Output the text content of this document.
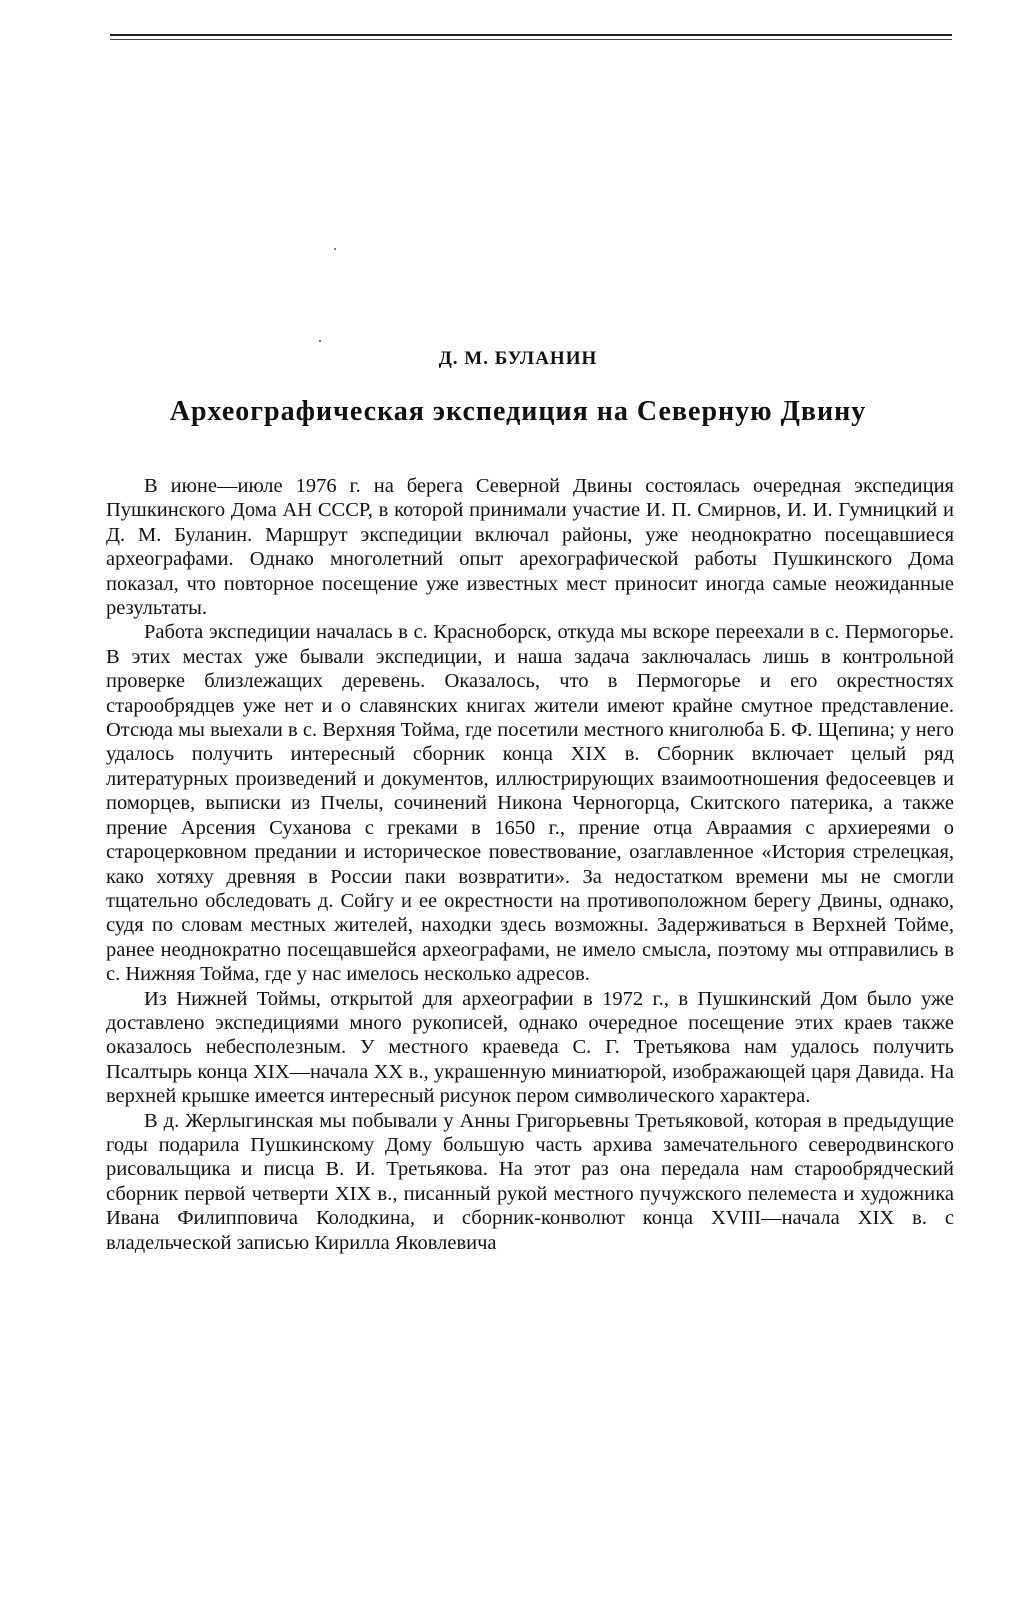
Д. М. БУЛАНИН
Археографическая экспедиция на Северную Двину

В июне—июле 1976 г. на берега Северной Двины состоялась очередная экспедиция Пушкинского Дома АН СССР, в которой принимали участие И. П. Смирнов, И. И. Гумницкий и Д. М. Буланин. Маршрут экспедиции включал районы, уже неоднократно посещавшиеся археографами. Однако многолетний опыт арехографической работы Пушкинского Дома показал, что повторное посещение уже известных мест приносит иногда самые неожиданные результаты.

Работа экспедиции началась в с. Красноборск, откуда мы вскоре переехали в с. Пермогорье. В этих местах уже бывали экспедиции, и наша задача заключалась лишь в контрольной проверке близлежащих деревень. Оказалось, что в Пермогорье и его окрестностях старообрядцев уже нет и о славянских книгах жители имеют крайне смутное представление. Отсюда мы выехали в с. Верхняя Тойма, где посетили местного книголюба Б. Ф. Щепина; у него удалось получить интересный сборник конца XIX в. Сборник включает целый ряд литературных произведений и документов, иллюстрирующих взаимоотношения федосеевцев и поморцев, выписки из Пчелы, сочинений Никона Черногорца, Скитского патерика, а также прение Арсения Суханова с греками в 1650 г., прение отца Авраамия с архиереями о староцерковном предании и историческое повествование, озаглавленное «История стрелецкая, како хотяху древняя в России паки возвратити». За недостатком времени мы не смогли тщательно обследовать д. Сойгу и ее окрестности на противоположном берегу Двины, однако, судя по словам местных жителей, находки здесь возможны. Задерживаться в Верхней Тойме, ранее неоднократно посещавшейся археографами, не имело смысла, поэтому мы отправились в с. Нижняя Тойма, где у нас имелось несколько адресов.

Из Нижней Тоймы, открытой для археографии в 1972 г., в Пушкинский Дом было уже доставлено экспедициями много рукописей, однако очередное посещение этих краев также оказалось небесполезным. У местного краеведа С. Г. Третьякова нам удалось получить Псалтырь конца XIX—начала XX в., украшенную миниатюрой, изображающей царя Давида. На верхней крышке имеется интересный рисунок пером символического характера.

В д. Жерлыгинская мы побывали у Анны Григорьевны Третьяковой, которая в предыдущие годы подарила Пушкинскому Дому большую часть архива замечательного северодвинского рисовальщика и писца В. И. Третьякова. На этот раз она передала нам старообрядческий сборник первой четверти XIX в., писанный рукой местного пучужского пелеместа и художника Ивана Филипповича Колодкина, и сборник-конволют конца XVIII—начала XIX в. с владельческой записью Кирилла Яковлевича
